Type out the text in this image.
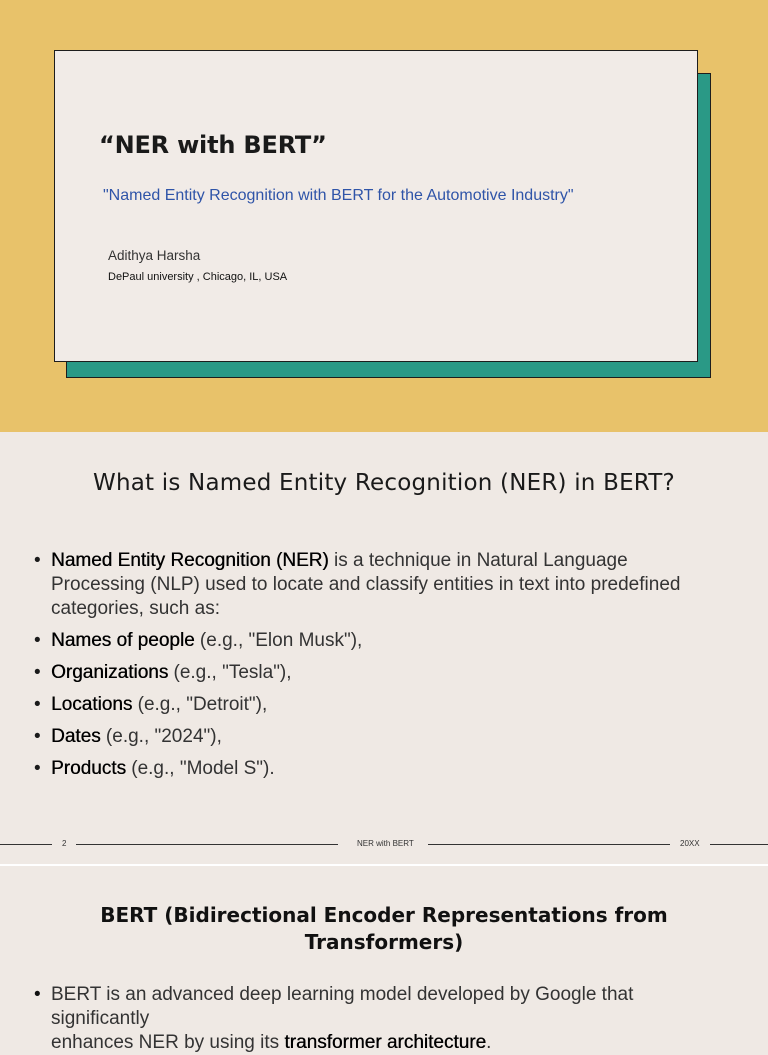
“NER with BERT”
"Named Entity Recognition with BERT for the Automotive Industry"
Adithya Harsha
DePaul university , Chicago, IL, USA
What is Named Entity Recognition (NER) in BERT?
• Named Entity Recognition (NER) is a technique in Natural Language Processing (NLP) used to locate and classify entities in text into predefined categories, such as:
• Names of people (e.g., "Elon Musk"),
• Organizations (e.g., "Tesla"),
• Locations (e.g., "Detroit"),
• Dates (e.g., "2024"),
• Products (e.g., "Model S").
2	NER with BERT	20XX
BERT (Bidirectional Encoder Representations from
Transformers)
• BERT is an advanced deep learning model developed by Google that significantly
enhances NER by using its transformer architecture.
